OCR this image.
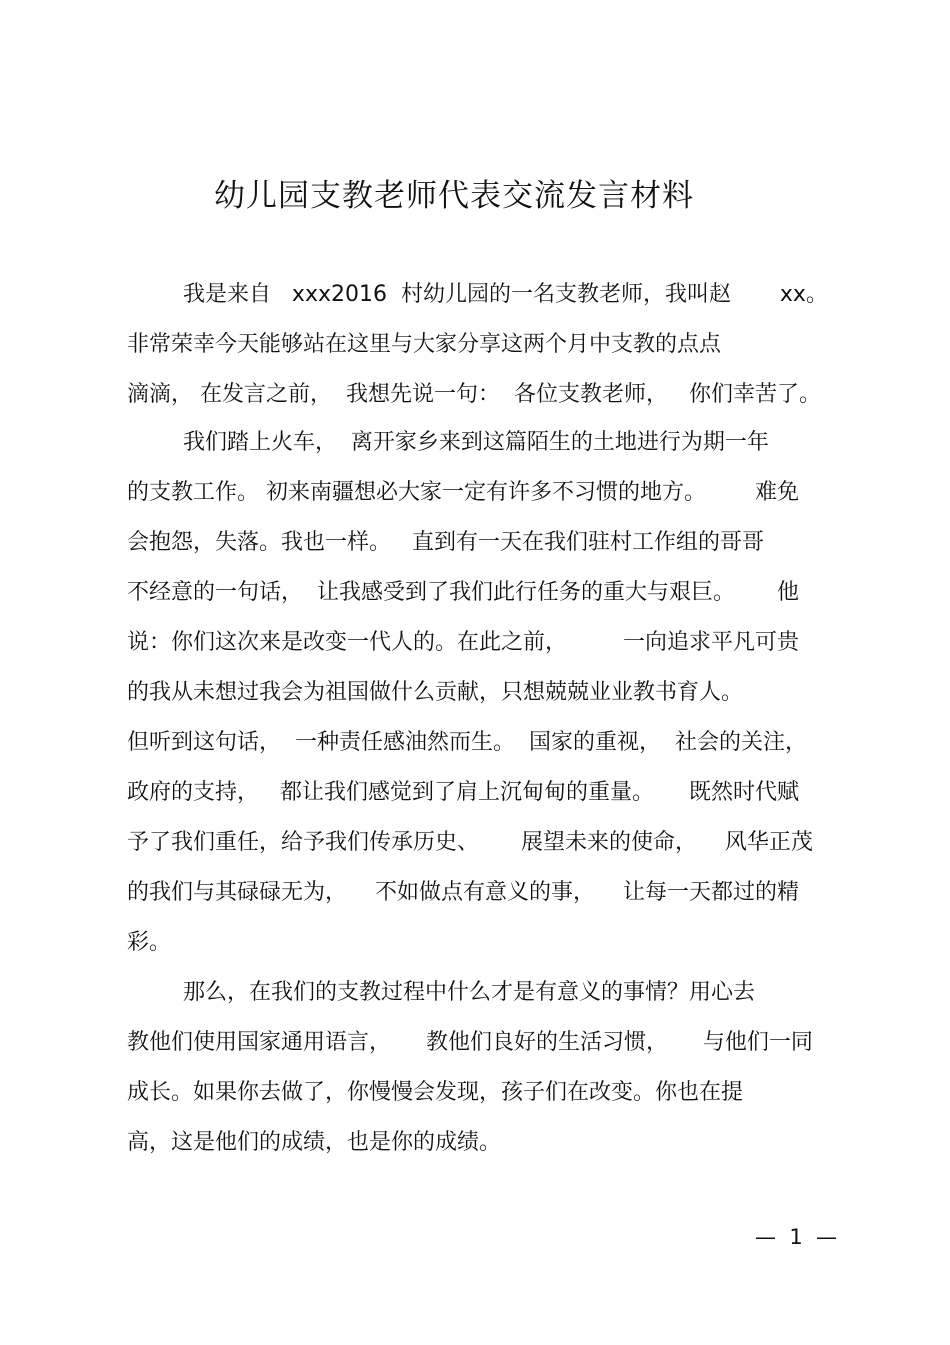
幼儿园支教老师代表交流发言材料
我是来自   xxx2016  村幼儿园的一名支教老师，我叫赵       xx。
非常荣幸今天能够站在这里与大家分享这两个月中支教的点点
滴滴， 在发言之前，  我想先说一句：  各位支教老师，   你们幸苦了。
我们踏上火车，  离开家乡来到这篇陌生的土地进行为期一年
的支教工作。 初来南疆想必大家一定有许多不习惯的地方。       难免
会抱怨，失落。我也一样。   直到有一天在我们驻村工作组的哥哥
不经意的一句话，  让我感受到了我们此行任务的重大与艰巨。      他
说：你们这次来是改变一代人的。在此之前，        一向追求平凡可贵
的我从未想过我会为祖国做什么贡献，只想兢兢业业教书育人。
但听到这句话，  一种责任感油然而生。  国家的重视，  社会的关注，
政府的支持，   都让我们感觉到了肩上沉甸甸的重量。     既然时代赋
予了我们重任，给予我们传承历史、      展望未来的使命，    风华正茂
的我们与其碌碌无为，    不如做点有意义的事，    让每一天都过的精
彩。
那么，在我们的支教过程中什么才是有意义的事情？用心去
教他们使用国家通用语言，     教他们良好的生活习惯，     与他们一同
成长。如果你去做了，你慢慢会发现，孩子们在改变。你也在提
高，这是他们的成绩，也是你的成绩。
—  1  —
